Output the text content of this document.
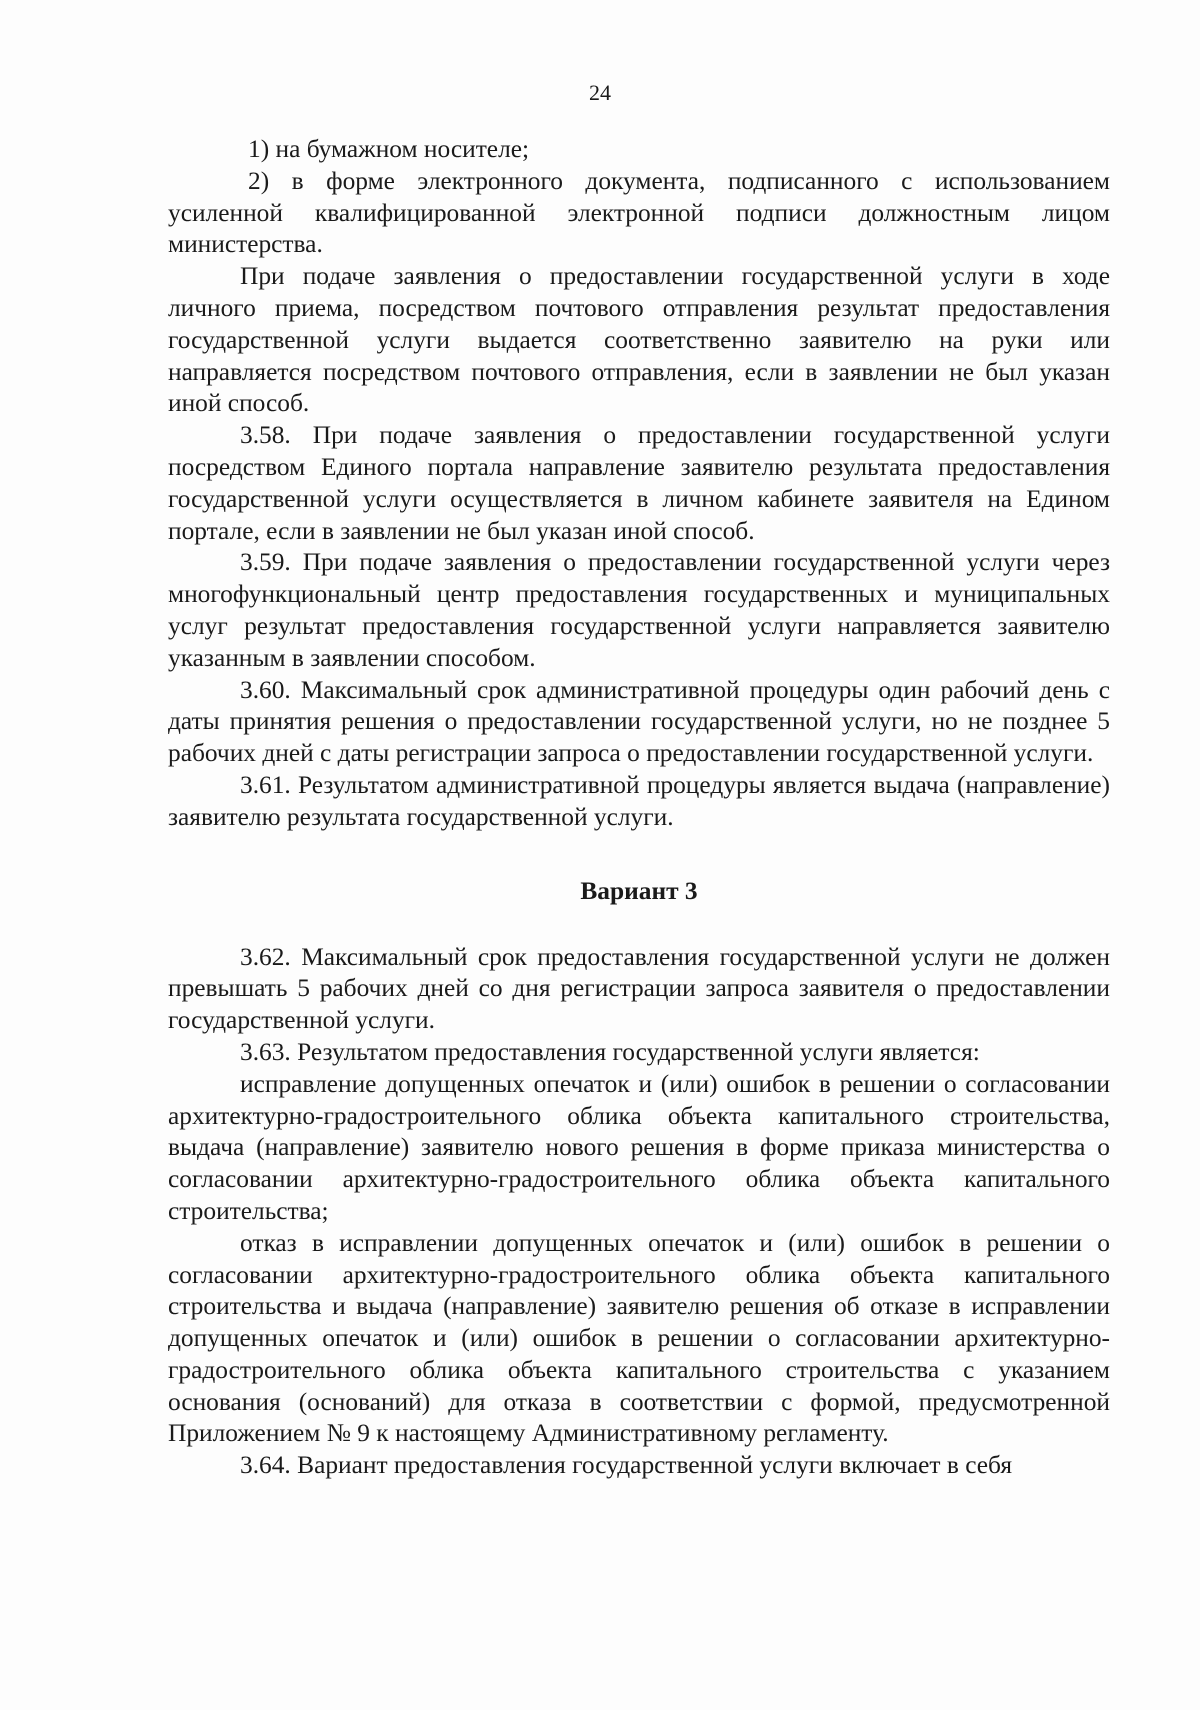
24

1) на бумажном носителе;

2) в форме электронного документа, подписанного с использованием усиленной квалифицированной электронной подписи должностным лицом министерства.

При подаче заявления о предоставлении государственной услуги в ходе личного приема, посредством почтового отправления результат предоставления государственной услуги выдается соответственно заявителю на руки или направляется посредством почтового отправления, если в заявлении не был указан иной способ.

3.58. При подаче заявления о предоставлении государственной услуги посредством Единого портала направление заявителю результата предоставления государственной услуги осуществляется в личном кабинете заявителя на Едином портале, если в заявлении не был указан иной способ.

3.59. При подаче заявления о предоставлении государственной услуги через многофункциональный центр предоставления государственных и муниципальных услуг результат предоставления государственной услуги направляется заявителю указанным в заявлении способом.

3.60. Максимальный срок административной процедуры один рабочий день с даты принятия решения о предоставлении государственной услуги, но не позднее 5 рабочих дней с даты регистрации запроса о предоставлении государственной услуги.

3.61. Результатом административной процедуры является выдача (направление) заявителю результата государственной услуги.

Вариант 3

3.62. Максимальный срок предоставления государственной услуги не должен превышать 5 рабочих дней со дня регистрации запроса заявителя о предоставлении государственной услуги.

3.63. Результатом предоставления государственной услуги является:

исправление допущенных опечаток и (или) ошибок в решении о согласовании архитектурно-градостроительного облика объекта капитального строительства, выдача (направление) заявителю нового решения в форме приказа министерства о согласовании архитектурно-градостроительного облика объекта капитального строительства;

отказ в исправлении допущенных опечаток и (или) ошибок в решении о согласовании архитектурно-градостроительного облика объекта капитального строительства и выдача (направление) заявителю решения об отказе в исправлении допущенных опечаток и (или) ошибок в решении о согласовании архитектурно-градостроительного облика объекта капитального строительства с указанием основания (оснований) для отказа в соответствии с формой, предусмотренной Приложением № 9 к настоящему Административному регламенту.

3.64. Вариант предоставления государственной услуги включает в себя
